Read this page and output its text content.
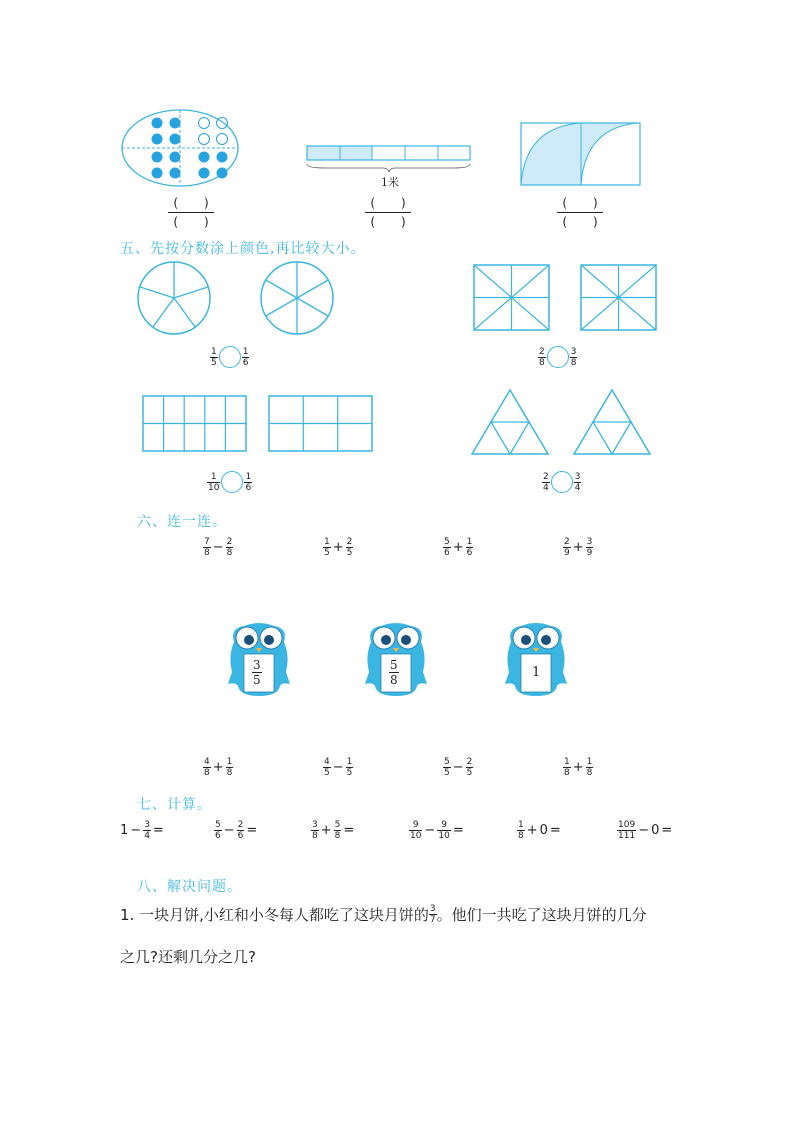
1米
( )
( )
( )
( )
( )
( )
五、先按分数涂上颜色,再比较大小。
$\frac{1}{5}$	$\frac{1}{6}$	$\frac{2}{8}$	$\frac{3}{8}$
$\frac{1}{10}$	$\frac{1}{6}$	$\frac{2}{4}$	$\frac{3}{4}$
六、连一连。
$\frac{7}{8} - \frac{2}{8}$	$\frac{1}{5} + \frac{2}{5}$	$\frac{5}{6} + \frac{1}{6}$	$\frac{2}{9} + \frac{3}{9}$
3
5
5
8	1
$\frac{4}{8} + \frac{1}{8}$	$\frac{4}{5} - \frac{1}{5}$	$\frac{5}{5} - \frac{2}{5}$	$\frac{1}{8} + \frac{1}{8}$
七、计算。
$1 - \frac{3}{4}$ =	$\frac{5}{6} - \frac{2}{6}$ =	$\frac{3}{8} + \frac{5}{8}$ =	$\frac{9}{10} - \frac{9}{10}$ =	$\frac{1}{8} + 0$ =	$\frac{109}{111} - 0$ =
八、解决问题。
1. 一块月饼,小红和小冬每人都吃了这块月饼的 $\frac{3}{7}$ 。他们一共吃了这块月饼的几分
之几?还剩几分之几?
